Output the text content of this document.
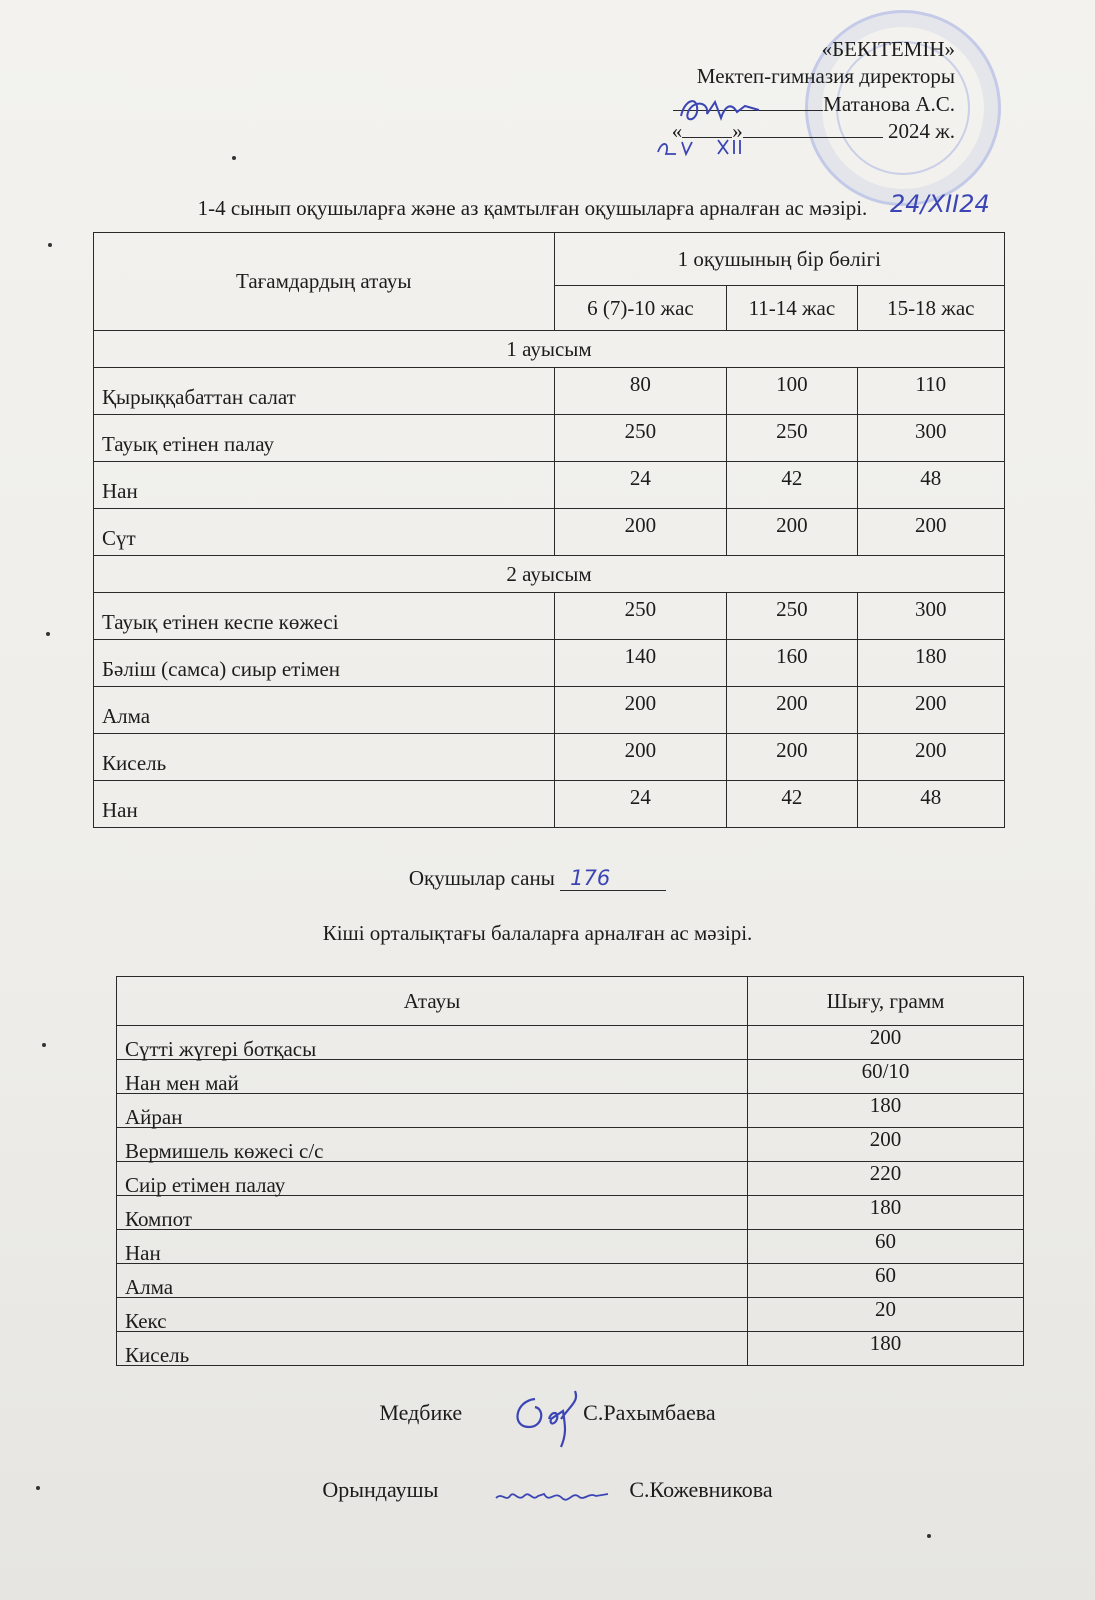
«БЕКІТЕМІН»
Мектеп-гимназия директоры
Матанова А.С.
« »	2024 ж.
1-4 сынып оқушыларға және аз қамтылған оқушыларға арналған ас мәзірі. 24/XII24
Тағамдардың атауы	1 оқушының бір бөлігі		
	6 (7)-10 жас	11-14 жас	15-18 жас
1 ауысым			
Қырыққабаттан салат	80	100	110
Тауық етінен палау	250	250	300
Нан	24	42	48
Сүт	200	200	200
2 ауысым			
Тауық етінен кеспе көжесі	250	250	300
Бәліш (самса) сиыр етімен	140	160	180
Алма	200	200	200
Кисель	200	200	200
Нан	24	42	48
Оқушылар саны 176
Кіші орталықтағы балаларға арналған ас мәзірі.
Атауы	Шығу, грамм
Сүтті жүгері ботқасы	200
Нан мен май	60/10
Айран	180
Вермишель көжесі с/с	200
Сиір етімен палау	220
Компот	180
Нан	60
Алма	60
Кекс	20
Кисель	180
Медбике	С.Рахымбаева
Орындаушы	С.Кожевникова
